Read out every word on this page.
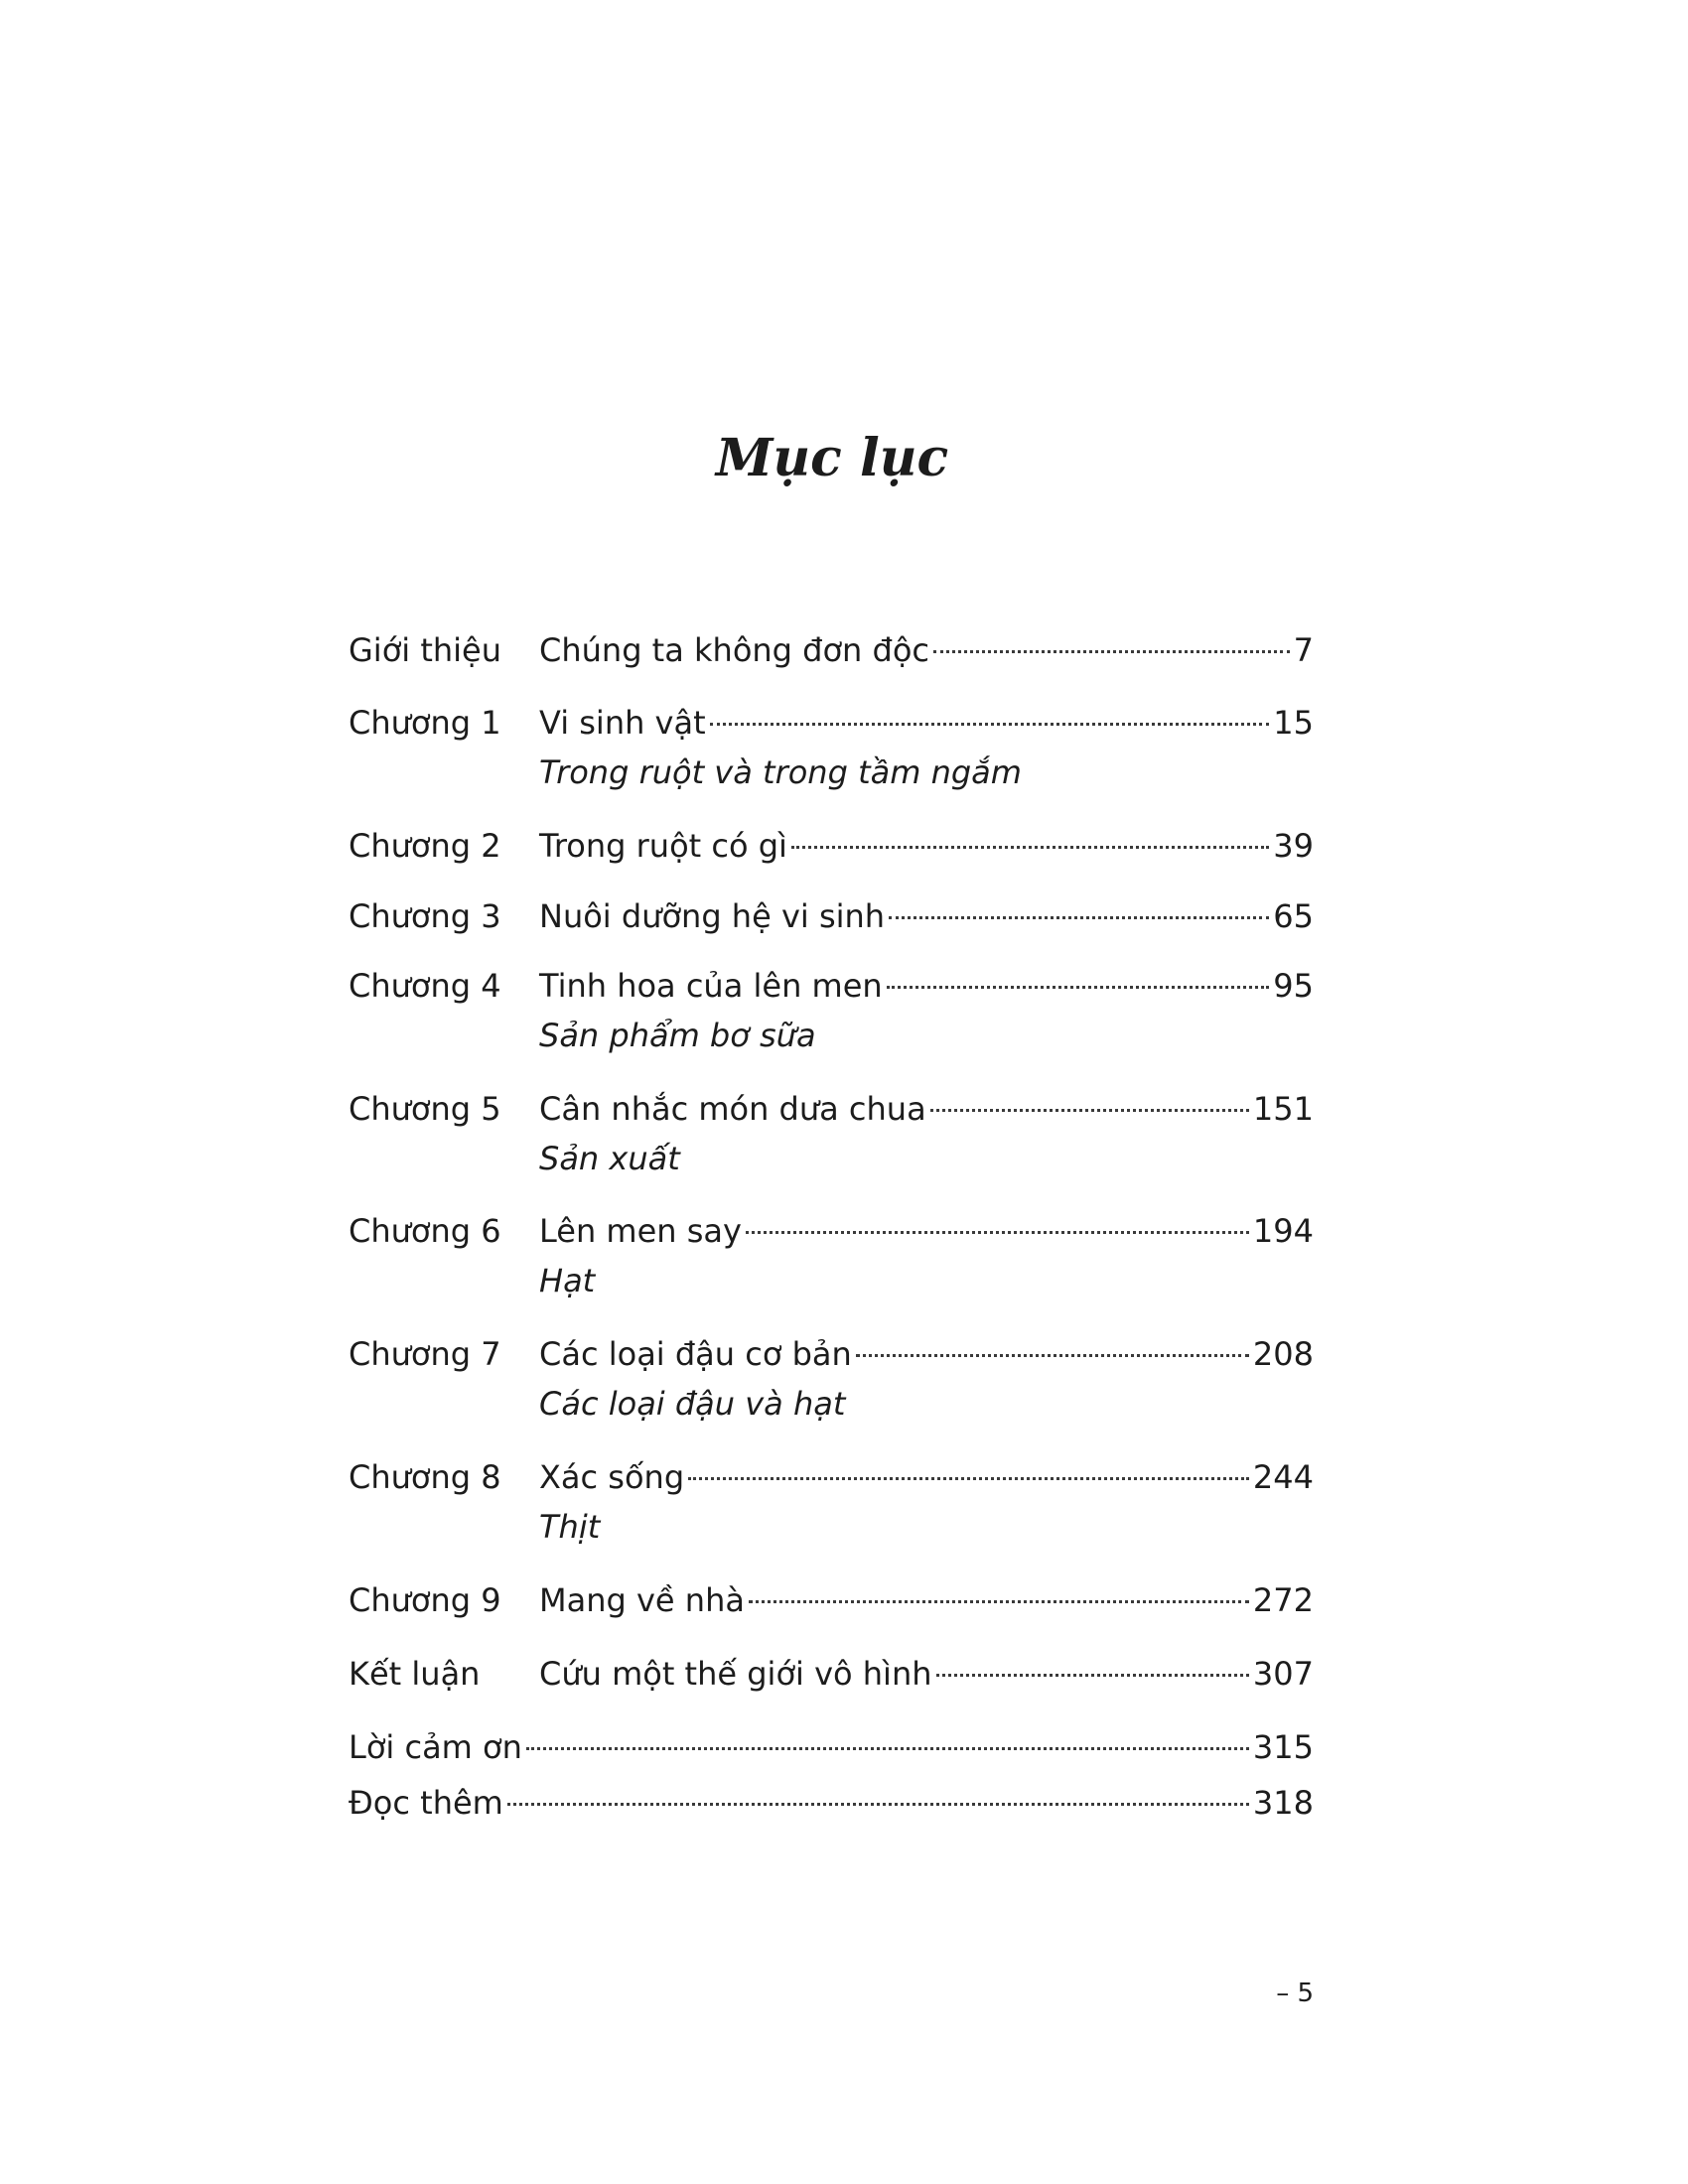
Mục lục
Giới thiệu	Chúng ta không đơn độc	7
Chương 1	Vi sinh vật	15
Trong ruột và trong tầm ngắm
Chương 2	Trong ruột có gì	39
Chương 3	Nuôi dưỡng hệ vi sinh	65
Chương 4	Tinh hoa của lên men	95
Sản phẩm bơ sữa
Chương 5	Cân nhắc món dưa chua	151
Sản xuất
Chương 6	Lên men say	194
Hạt
Chương 7	Các loại đậu cơ bản	208
Các loại đậu và hạt
Chương 8	Xác sống	244
Thịt
Chương 9	Mang về nhà	272
Kết luận	Cứu một thế giới vô hình	307
Lời cảm ơn	315
Đọc thêm	318
– 5
